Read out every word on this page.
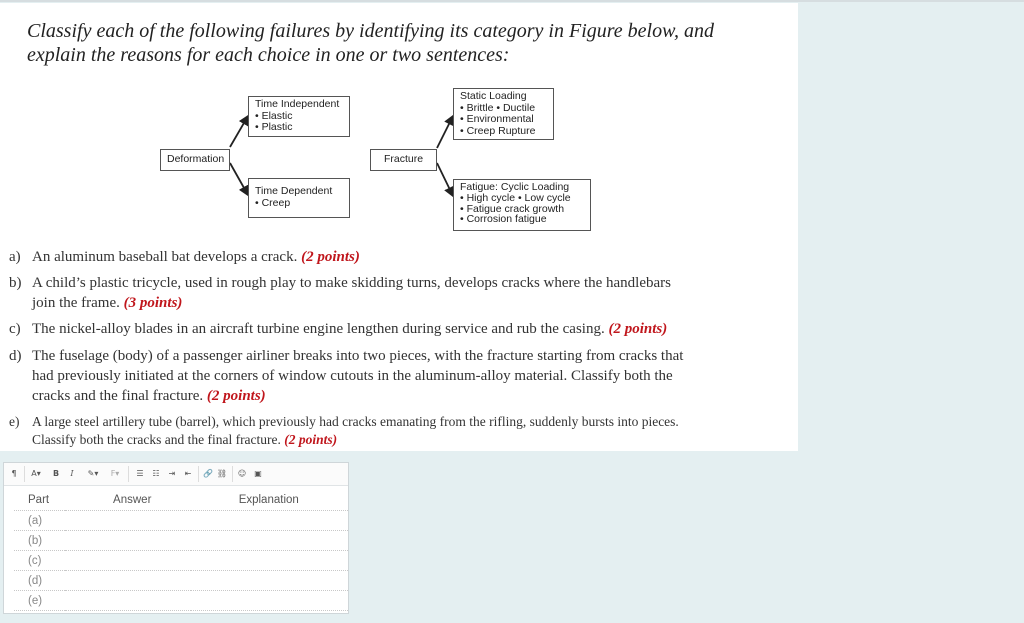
Classify each of the following failures by identifying its category in Figure below, and
explain the reasons for each choice in one or two sentences:
Time Independent
• Elastic
• Plastic
Deformation
Time Dependent
• Creep
Fracture
Static Loading
• Brittle • Ductile
• Environmental
• Creep Rupture
Fatigue: Cyclic Loading
• High cycle • Low cycle
• Fatigue crack growth
• Corrosion fatigue
a) An aluminum baseball bat develops a crack. (2 points)
b) A child’s plastic tricycle, used in rough play to make skidding turns, develops cracks where the handlebars
join the frame. (3 points)
c) The nickel-alloy blades in an aircraft turbine engine lengthen during service and rub the casing. (2 points)
d) The fuselage (body) of a passenger airliner breaks into two pieces, with the fracture starting from cracks that
had previously initiated at the corners of window cutouts in the aluminum-alloy material. Classify both the
cracks and the final fracture. (2 points)
e) A large steel artillery tube (barrel), which previously had cracks emanating from the rifling, suddenly bursts into pieces.
Classify both the cracks and the final fracture. (2 points)
¶	A▾	B	I	✎▾	F▾	☰	☷	⇥	⇤	🔗 ⛓ ☺ ▣
Part	Answer	Explanation
(a)		
(b)		
(c)		
(d)		
(e)		
